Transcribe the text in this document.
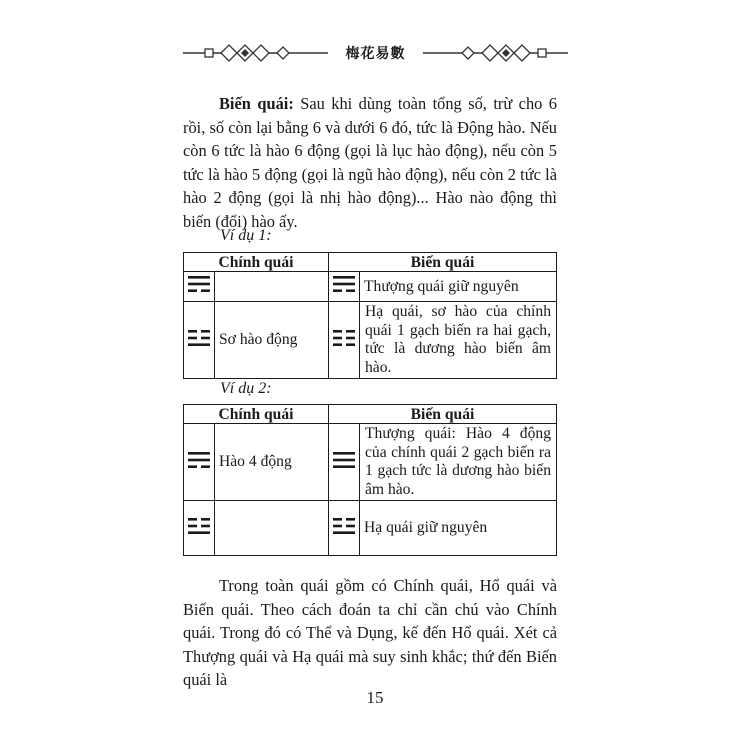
梅花易數
Biến quái: Sau khi dùng toàn tổng số, trừ cho 6 rồi, số còn lại bằng 6 và dưới 6 đó, tức là Động hào. Nếu còn 6 tức là hào 6 động (gọi là lục hào động), nếu còn 5 tức là hào 5 động (gọi là ngũ hào động), nếu còn 2 tức là hào 2 động (gọi là nhị hào động)... Hào nào động thì biến (đổi) hào ấy.
Ví dụ 1:
Chính quái		Biến quái	
			Thượng quái giữ nguyên
	Sơ hào động		Hạ quái, sơ hào của chính quái 1 gạch biến ra hai gạch, tức là dương hào biến âm hào.
Ví dụ 2:
Chính quái		Biến quái	
	Hào 4 động		Thượng quái: Hào 4 động của chính quái 2 gạch biến ra 1 gạch tức là dương hào biến âm hào.
			Hạ quái giữ nguyên
Trong toàn quái gồm có Chính quái, Hổ quái và Biến quái. Theo cách đoán ta chỉ cần chú vào Chính quái. Trong đó có Thể và Dụng, kế đến Hổ quái. Xét cả Thượng quái và Hạ quái mà suy sinh khắc; thứ đến Biến quái là
15
